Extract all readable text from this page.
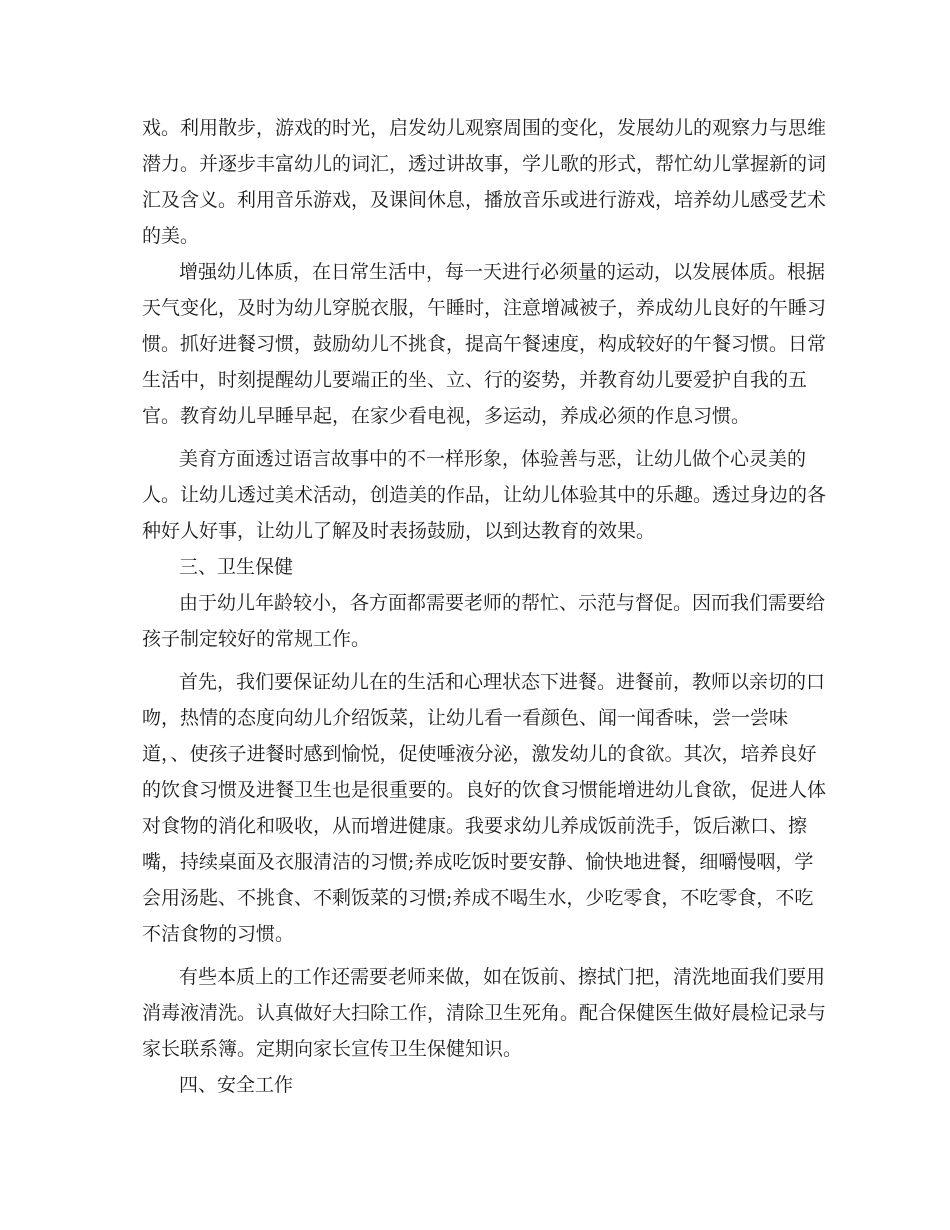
戏。利用散步，游戏的时光，启发幼儿观察周围的变化，发展幼儿的观察力与思维
潜力。并逐步丰富幼儿的词汇，透过讲故事，学儿歌的形式，帮忙幼儿掌握新的词
汇及含义。利用音乐游戏，及课间休息，播放音乐或进行游戏，培养幼儿感受艺术
的美。
增强幼儿体质，在日常生活中，每一天进行必须量的运动，以发展体质。根据
天气变化，及时为幼儿穿脱衣服，午睡时，注意增减被子，养成幼儿良好的午睡习
惯。抓好进餐习惯，鼓励幼儿不挑食，提高午餐速度，构成较好的午餐习惯。日常
生活中，时刻提醒幼儿要端正的坐、立、行的姿势，并教育幼儿要爱护自我的五
官。教育幼儿早睡早起，在家少看电视，多运动，养成必须的作息习惯。
美育方面透过语言故事中的不一样形象，体验善与恶，让幼儿做个心灵美的
人。让幼儿透过美术活动，创造美的作品，让幼儿体验其中的乐趣。透过身边的各
种好人好事，让幼儿了解及时表扬鼓励，以到达教育的效果。
三、卫生保健
由于幼儿年龄较小，各方面都需要老师的帮忙、示范与督促。因而我们需要给
孩子制定较好的常规工作。
首先，我们要保证幼儿在的生活和心理状态下进餐。进餐前，教师以亲切的口
吻，热情的态度向幼儿介绍饭菜，让幼儿看一看颜色、闻一闻香味，尝一尝味
道，、使孩子进餐时感到愉悦，促使唾液分泌，激发幼儿的食欲。其次，培养良好
的饮食习惯及进餐卫生也是很重要的。良好的饮食习惯能增进幼儿食欲，促进人体
对食物的消化和吸收，从而增进健康。我要求幼儿养成饭前洗手，饭后漱口、擦
嘴，持续桌面及衣服清洁的习惯;养成吃饭时要安静、愉快地进餐，细嚼慢咽，学
会用汤匙、不挑食、不剩饭菜的习惯;养成不喝生水，少吃零食，不吃零食，不吃
不洁食物的习惯。
有些本质上的工作还需要老师来做，如在饭前、擦拭门把，清洗地面我们要用
消毒液清洗。认真做好大扫除工作，清除卫生死角。配合保健医生做好晨检记录与
家长联系簿。定期向家长宣传卫生保健知识。
四、安全工作
